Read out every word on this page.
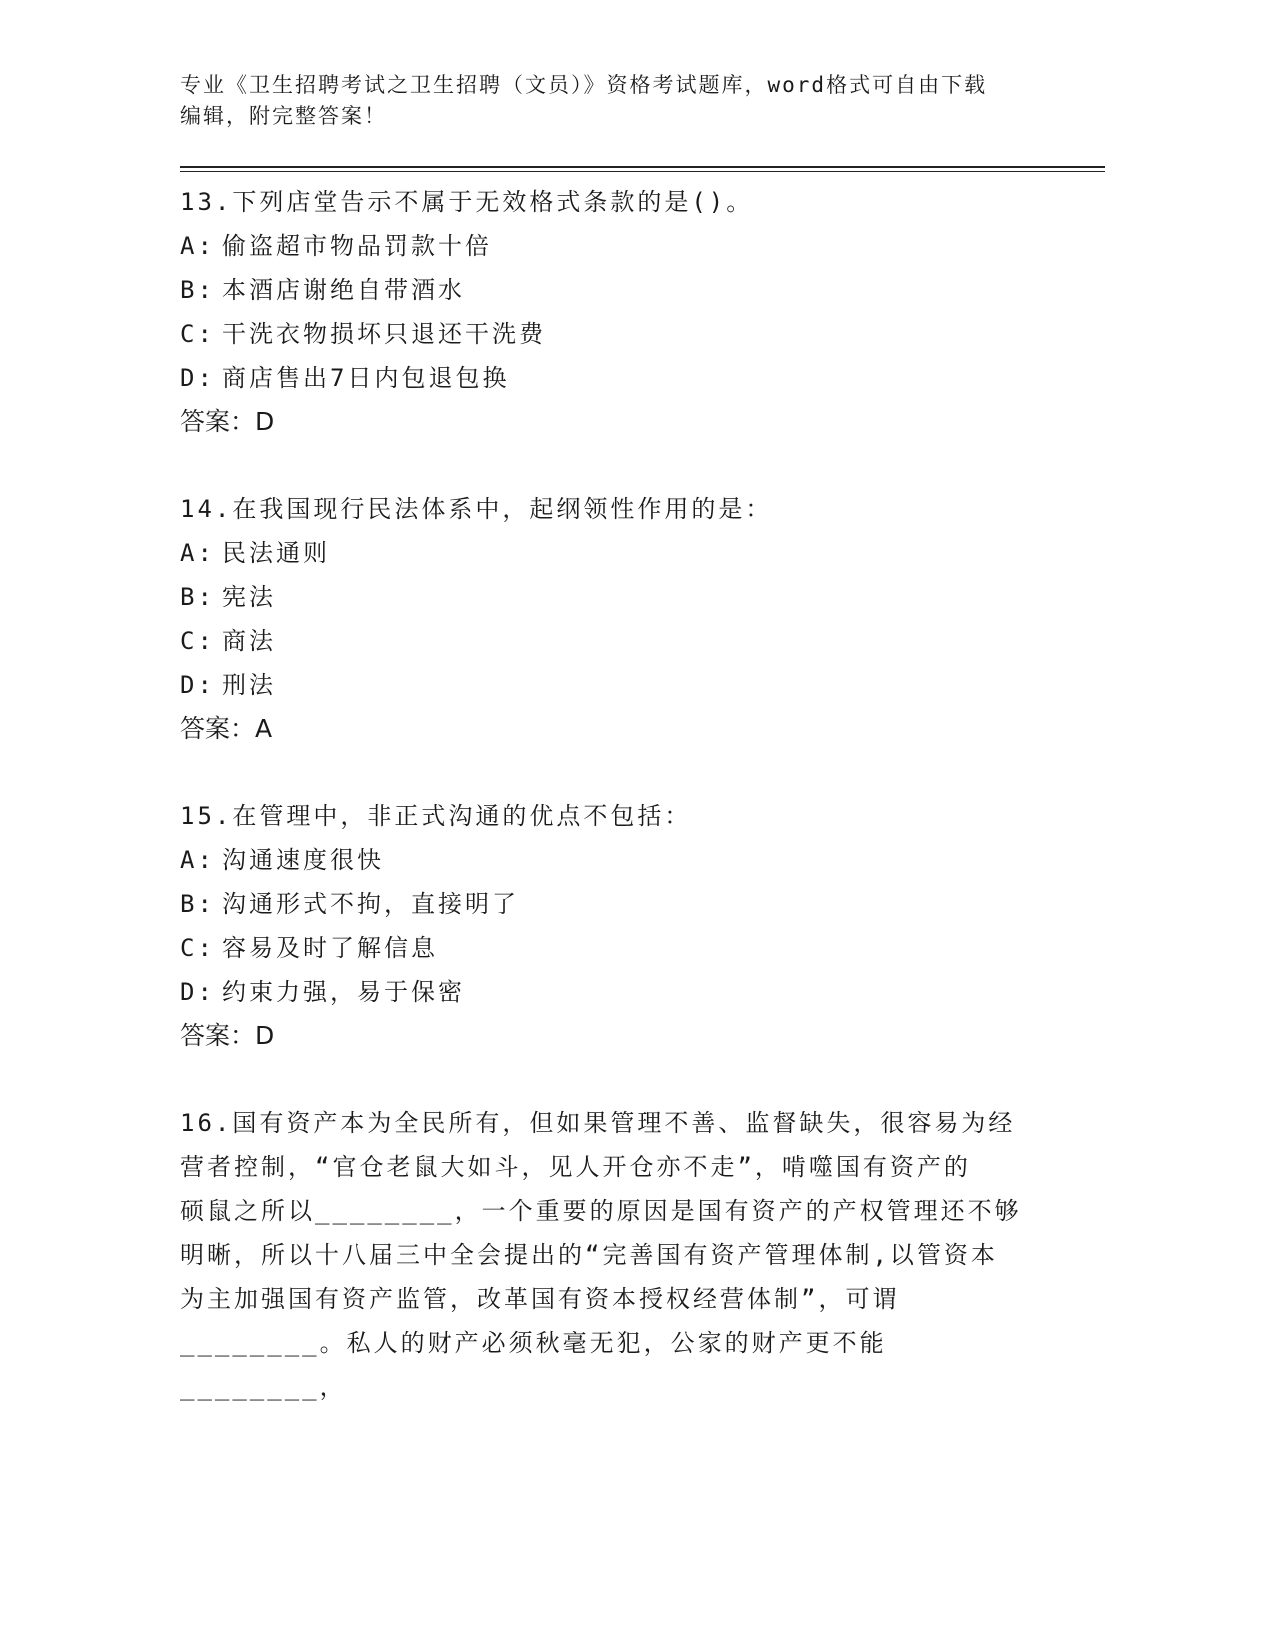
专业《卫生招聘考试之卫生招聘（文员）》资格考试题库，word格式可自由下载

编辑，附完整答案！

13.下列店堂告示不属于无效格式条款的是()。

A: 偷盗超市物品罚款十倍

B: 本酒店谢绝自带酒水

C: 干洗衣物损坏只退还干洗费

D: 商店售出7日内包退包换

答案：D

14.在我国现行民法体系中，起纲领性作用的是：

A: 民法通则

B: 宪法

C: 商法

D: 刑法

答案：A

15.在管理中，非正式沟通的优点不包括：

A: 沟通速度很快

B: 沟通形式不拘，直接明了

C: 容易及时了解信息

D: 约束力强，易于保密

答案：D

16.国有资产本为全民所有，但如果管理不善、监督缺失，很容易为经

营者控制，“官仓老鼠大如斗，见人开仓亦不走”，啃噬国有资产的

硕鼠之所以________，一个重要的原因是国有资产的产权管理还不够

明晰，所以十八届三中全会提出的“完善国有资产管理体制,以管资本

为主加强国有资产监管，改革国有资本授权经营体制”，可谓

________。私人的财产必须秋毫无犯，公家的财产更不能________，
